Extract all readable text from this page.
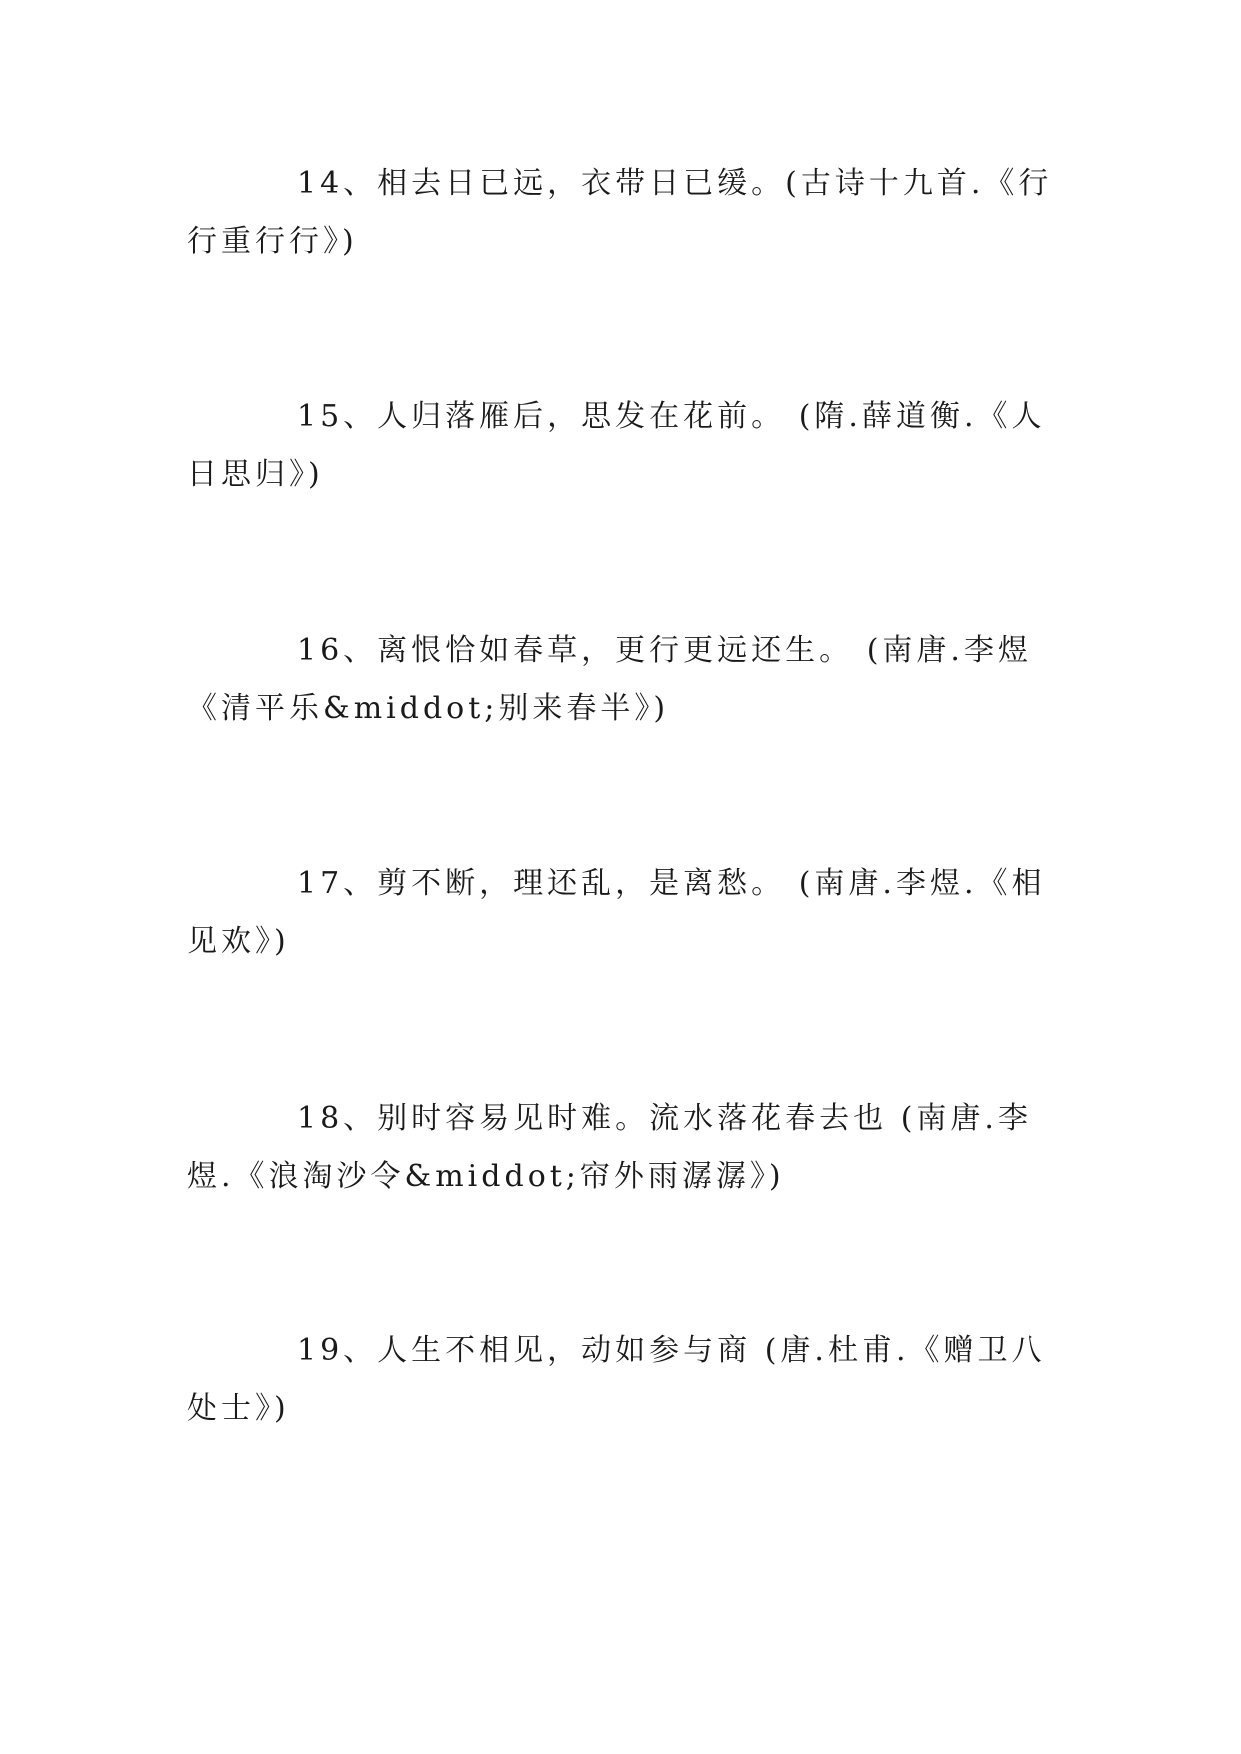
14、相去日已远，衣带日已缓。(古诗十九首.《行行重行行》)

15、人归落雁后，思发在花前。 (隋.薛道衡.《人日思归》)

16、离恨恰如春草，更行更远还生。 (南唐.李煜《清平乐&middot;别来春半》)

17、剪不断，理还乱，是离愁。 (南唐.李煜.《相见欢》)

18、别时容易见时难。流水落花春去也 (南唐.李煜.《浪淘沙令&middot;帘外雨潺潺》)

19、人生不相见，动如参与商 (唐.杜甫.《赠卫八处士》)
